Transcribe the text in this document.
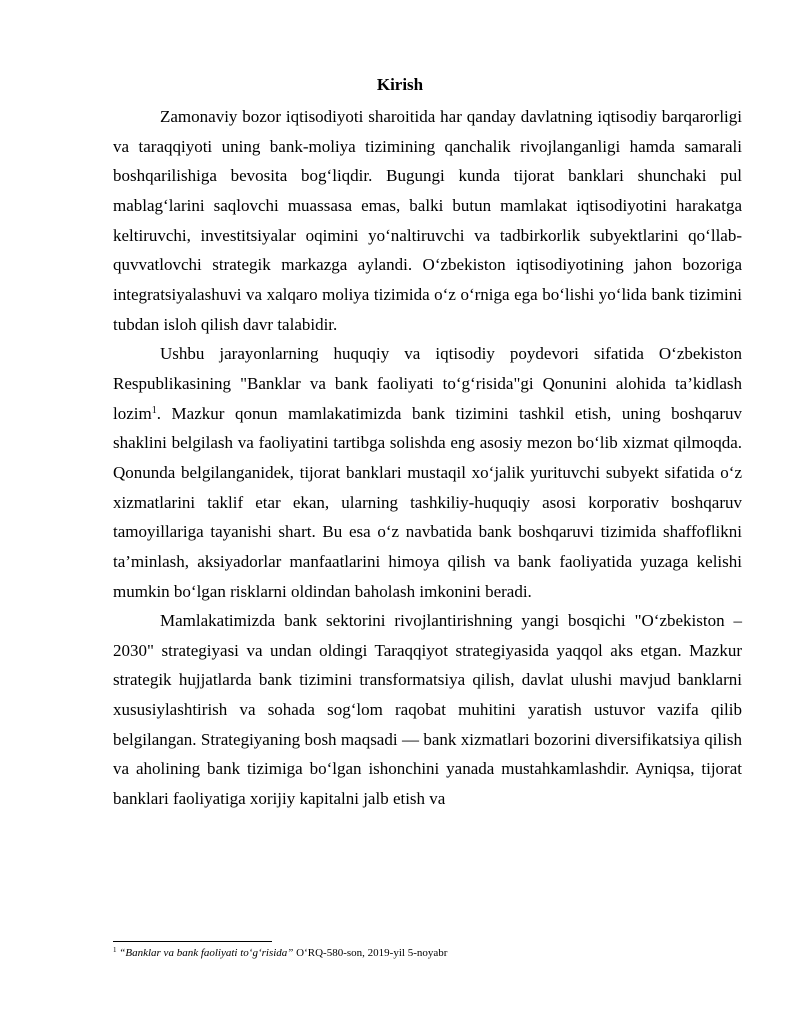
Kirish

Zamonaviy bozor iqtisodiyoti sharoitida har qanday davlatning iqtisodiy barqarorligi va taraqqiyoti uning bank-moliya tizimining qanchalik rivojlanganligi hamda samarali boshqarilishiga bevosita bog‘liqdir. Bugungi kunda tijorat banklari shunchaki pul mablag‘larini saqlovchi muassasa emas, balki butun mamlakat iqtisodiyotini harakatga keltiruvchi, investitsiyalar oqimini yo‘naltiruvchi va tadbirkorlik subyektlarini qo‘llab-quvvatlovchi strategik markazga aylandi. O‘zbekiston iqtisodiyotining jahon bozoriga integratsiyalashuvi va xalqaro moliya tizimida o‘z o‘rniga ega bo‘lishi yo‘lida bank tizimini tubdan isloh qilish davr talabidir.

Ushbu jarayonlarning huquqiy va iqtisodiy poydevori sifatida O‘zbekiston Respublikasining "Banklar va bank faoliyati to‘g‘risida"gi Qonunini alohida ta’kidlash lozim$^1$. Mazkur qonun mamlakatimizda bank tizimini tashkil etish, uning boshqaruv shaklini belgilash va faoliyatini tartibga solishda eng asosiy mezon bo‘lib xizmat qilmoqda. Qonunda belgilanganidek, tijorat banklari mustaqil xo‘jalik yurituvchi subyekt sifatida o‘z xizmatlarini taklif etar ekan, ularning tashkiliy-huquqiy asosi korporativ boshqaruv tamoyillariga tayanishi shart. Bu esa o‘z navbatida bank boshqaruvi tizimida shaffoflikni ta’minlash, aksiyadorlar manfaatlarini himoya qilish va bank faoliyatida yuzaga kelishi mumkin bo‘lgan risklarni oldindan baholash imkonini beradi.

Mamlakatimizda bank sektorini rivojlantirishning yangi bosqichi "O‘zbekiston – 2030" strategiyasi va undan oldingi Taraqqiyot strategiyasida yaqqol aks etgan. Mazkur strategik hujjatlarda bank tizimini transformatsiya qilish, davlat ulushi mavjud banklarni xususiylashtirish va sohada sog‘lom raqobat muhitini yaratish ustuvor vazifa qilib belgilangan. Strategiyaning bosh maqsadi — bank xizmatlari bozorini diversifikatsiya qilish va aholining bank tizimiga bo‘lgan ishonchini yanada mustahkamlashdir. Ayniqsa, tijorat banklari faoliyatiga xorijiy kapitalni jalb etish va

$^1$ “Banklar va bank faoliyati to‘g‘risida” O‘RQ-580-son, 2019-yil 5-noyabr
